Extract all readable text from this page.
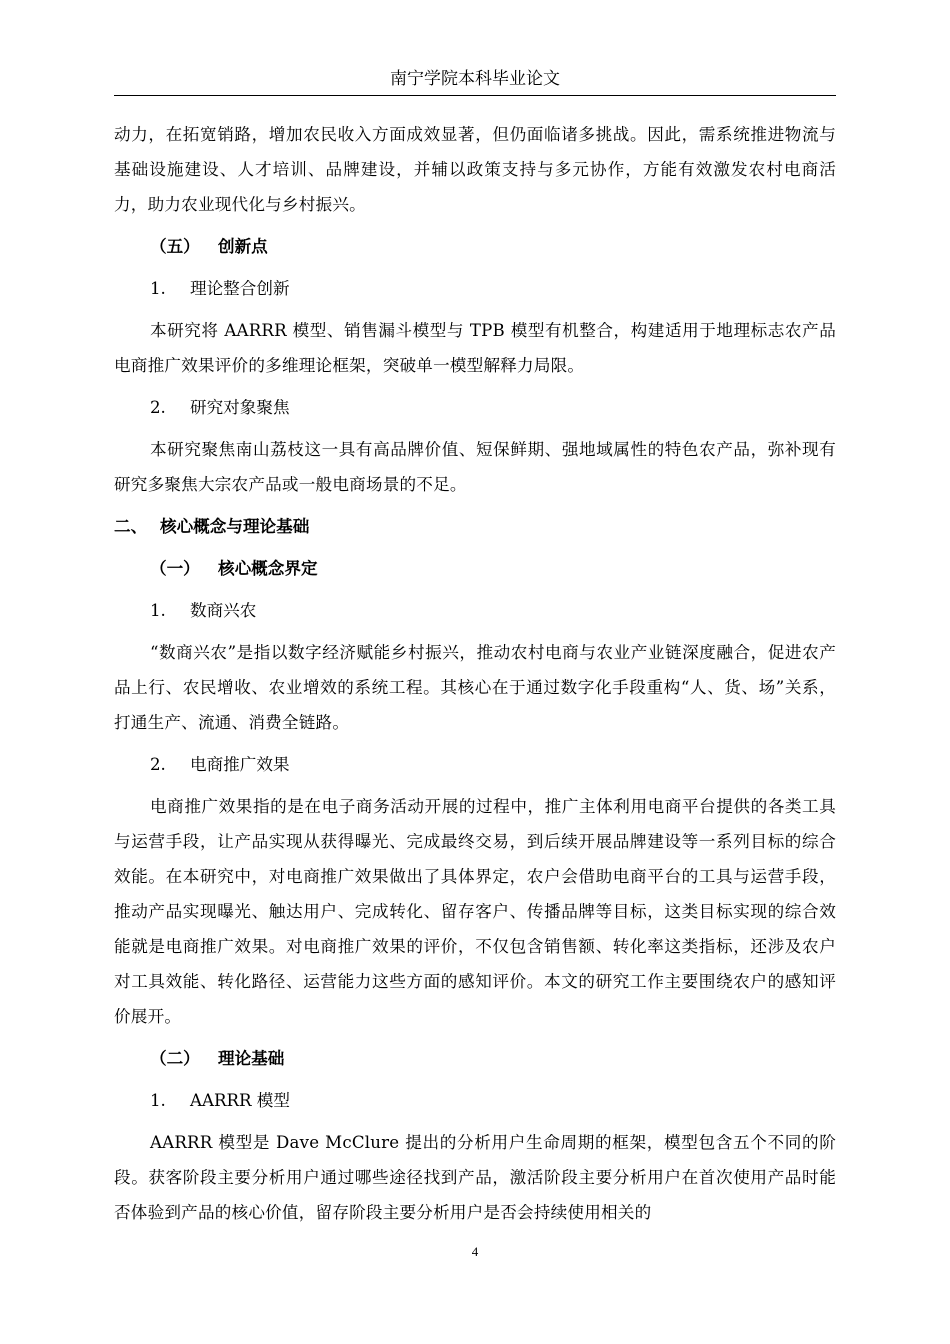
南宁学院本科毕业论文

动力，在拓宽销路，增加农民收入方面成效显著，但仍面临诸多挑战。因此，需系统推进物流与基础设施建设、人才培训、品牌建设，并辅以政策支持与多元协作，方能有效激发农村电商活力，助力农业现代化与乡村振兴。

（五） 创新点
1. 理论整合创新

本研究将 AARRR 模型、销售漏斗模型与 TPB 模型有机整合，构建适用于地理标志农产品电商推广效果评价的多维理论框架，突破单一模型解释力局限。

2. 研究对象聚焦

本研究聚焦南山荔枝这一具有高品牌价值、短保鲜期、强地域属性的特色农产品，弥补现有研究多聚焦大宗农产品或一般电商场景的不足。

二、 核心概念与理论基础
（一） 核心概念界定
1. 数商兴农

“数商兴农”是指以数字经济赋能乡村振兴，推动农村电商与农业产业链深度融合，促进农产品上行、农民增收、农业增效的系统工程。其核心在于通过数字化手段重构“人、货、场”关系，打通生产、流通、消费全链路。

2. 电商推广效果

电商推广效果指的是在电子商务活动开展的过程中，推广主体利用电商平台提供的各类工具与运营手段，让产品实现从获得曝光、完成最终交易，到后续开展品牌建设等一系列目标的综合效能。在本研究中，对电商推广效果做出了具体界定，农户会借助电商平台的工具与运营手段，推动产品实现曝光、触达用户、完成转化、留存客户、传播品牌等目标，这类目标实现的综合效能就是电商推广效果。对电商推广效果的评价，不仅包含销售额、转化率这类指标，还涉及农户对工具效能、转化路径、运营能力这些方面的感知评价。本文的研究工作主要围绕农户的感知评价展开。

（二） 理论基础
1. AARRR 模型

AARRR 模型是 Dave McClure 提出的分析用户生命周期的框架，模型包含五个不同的阶段。获客阶段主要分析用户通过哪些途径找到产品，激活阶段主要分析用户在首次使用产品时能否体验到产品的核心价值，留存阶段主要分析用户是否会持续使用相关的

4
